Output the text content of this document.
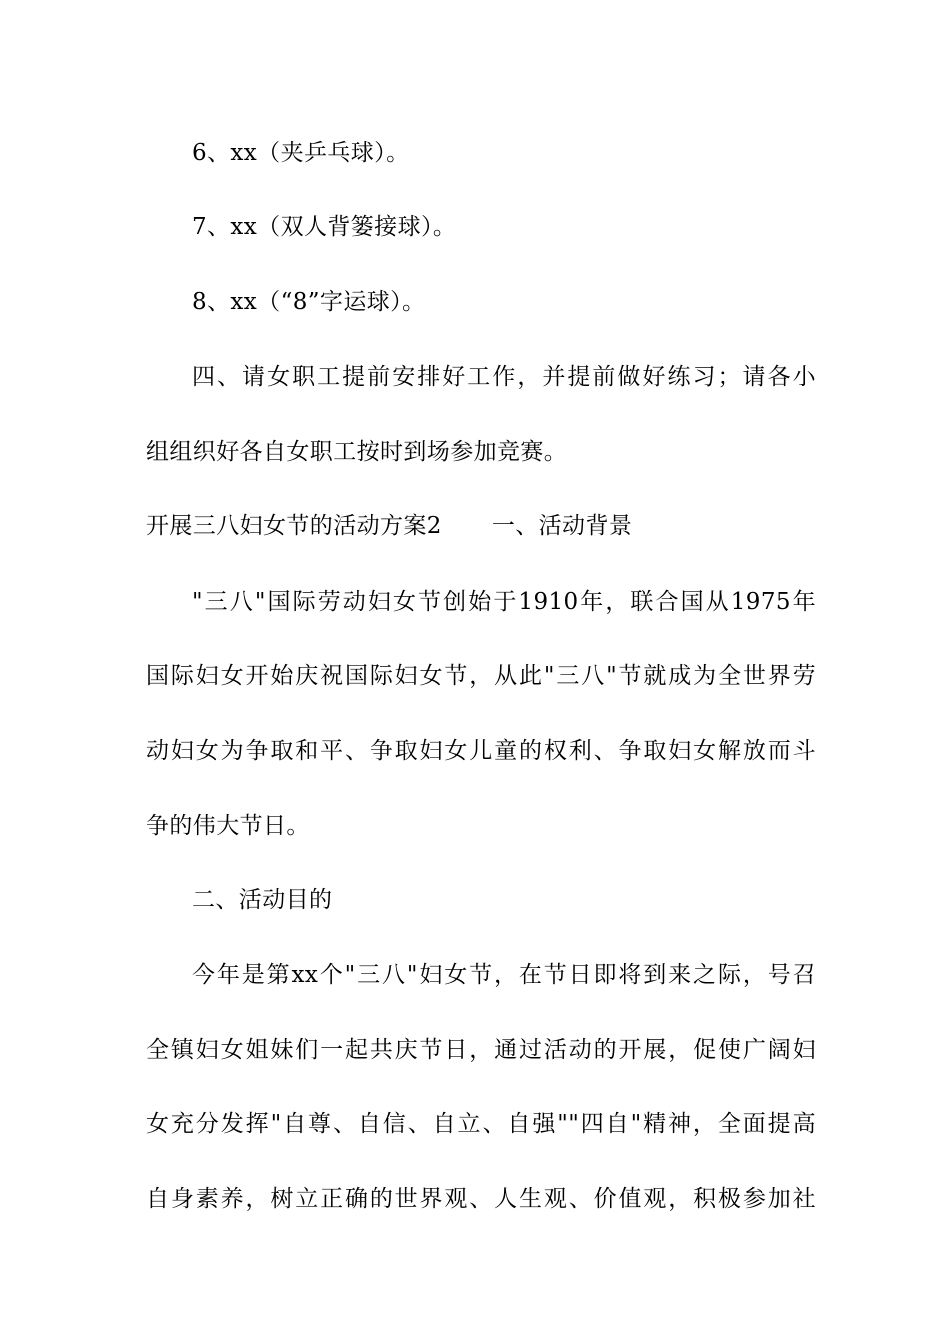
6、xx（夹乒乓球）。
7、xx（双人背篓接球）。
8、xx（“8”字运球）。
四、请女职工提前安排好工作，并提前做好练习；请各小
组组织好各自女职工按时到场参加竞赛。
开展三八妇女节的活动方案2 一、活动背景
"三八"国际劳动妇女节创始于1910年，联合国从1975年
国际妇女开始庆祝国际妇女节，从此"三八"节就成为全世界劳
动妇女为争取和平、争取妇女儿童的权利、争取妇女解放而斗
争的伟大节日。
二、活动目的
今年是第xx个"三八"妇女节，在节日即将到来之际，号召
全镇妇女姐妹们一起共庆节日，通过活动的开展，促使广阔妇
女充分发挥"自尊、自信、自立、自强""四自"精神，全面提高
自身素养，树立正确的世界观、人生观、价值观，积极参加社
